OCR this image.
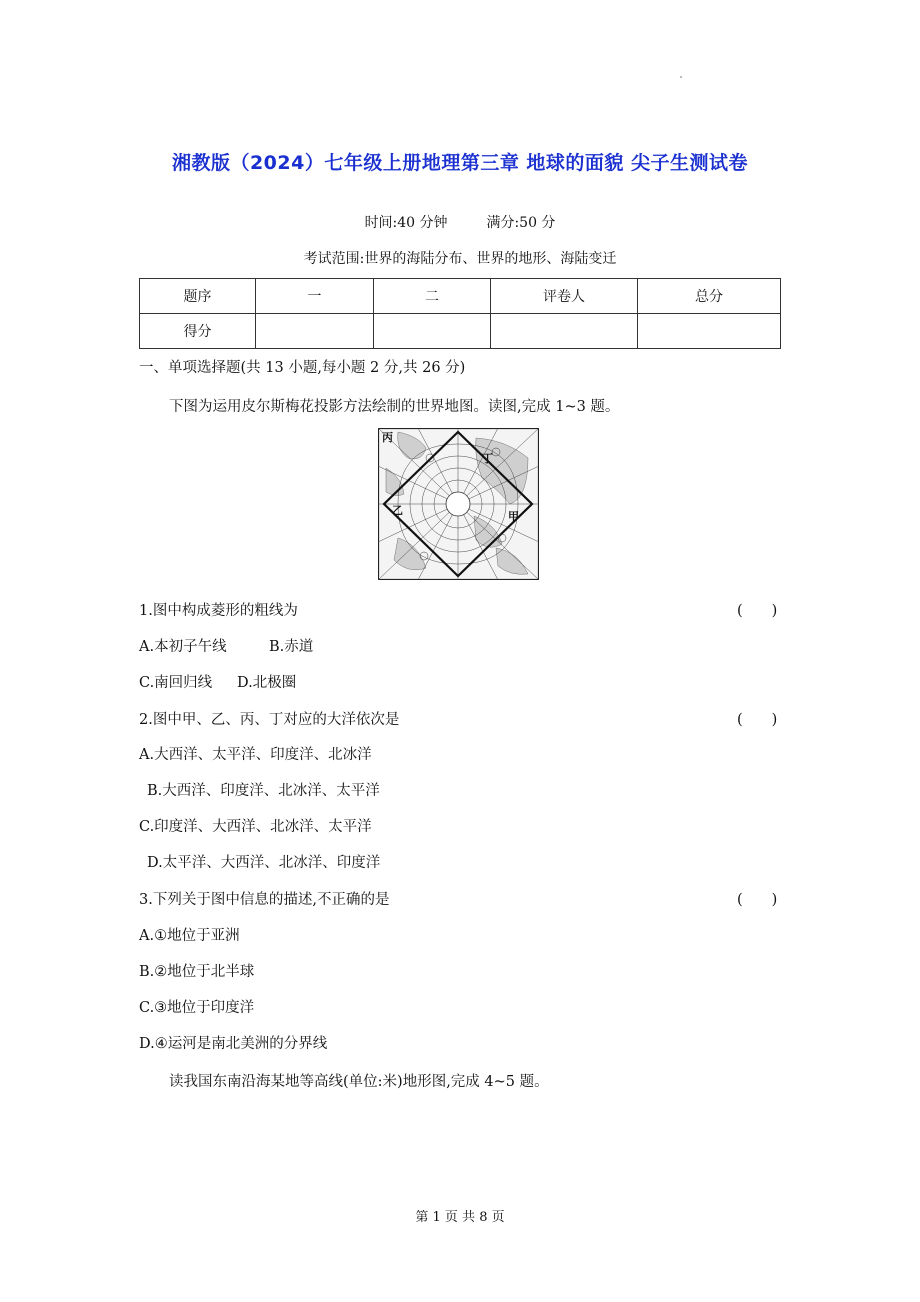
湘教版（2024）七年级上册地理第三章 地球的面貌 尖子生测试卷
时间:40 分钟	满分:50 分
考试范围:世界的海陆分布、世界的地形、海陆变迁
题序	一	二	评卷人	总分
得分				
一、单项选择题(共 13 小题,每小题 2 分,共 26 分)
下图为运用皮尔斯梅花投影方法绘制的世界地图。读图,完成 1~3 题。
丙
丁
乙	甲
1.图中构成菱形的粗线为	(　　)
A.本初子午线	B.赤道
C.南回归线 D.北极圈
2.图中甲、乙、丙、丁对应的大洋依次是	(　　)
A.大西洋、太平洋、印度洋、北冰洋
B.大西洋、印度洋、北冰洋、太平洋
C.印度洋、大西洋、北冰洋、太平洋
D.太平洋、大西洋、北冰洋、印度洋
3.下列关于图中信息的描述,不正确的是	(　　)
A.①地位于亚洲
B.②地位于北半球
C.③地位于印度洋
D.④运河是南北美洲的分界线
读我国东南沿海某地等高线(单位:米)地形图,完成 4~5 题。
第 1 页 共 8 页
